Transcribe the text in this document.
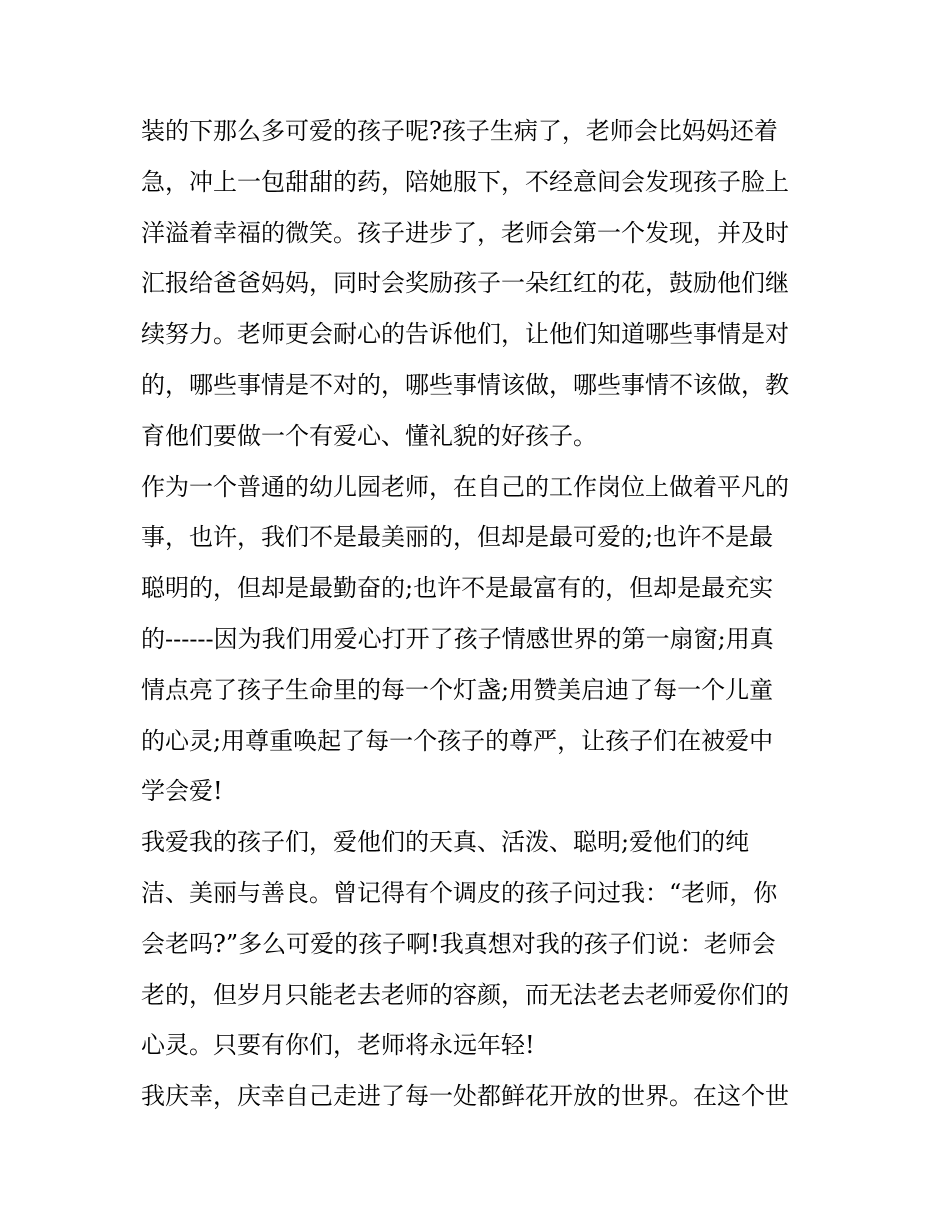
装的下那么多可爱的孩子呢?孩子生病了，老师会比妈妈还着
急，冲上一包甜甜的药，陪她服下，不经意间会发现孩子脸上
洋溢着幸福的微笑。孩子进步了，老师会第一个发现，并及时
汇报给爸爸妈妈，同时会奖励孩子一朵红红的花，鼓励他们继
续努力。老师更会耐心的告诉他们，让他们知道哪些事情是对
的，哪些事情是不对的，哪些事情该做，哪些事情不该做，教
育他们要做一个有爱心、懂礼貌的好孩子。
作为一个普通的幼儿园老师，在自己的工作岗位上做着平凡的
事，也许，我们不是最美丽的，但却是最可爱的;也许不是最
聪明的，但却是最勤奋的;也许不是最富有的，但却是最充实
的------因为我们用爱心打开了孩子情感世界的第一扇窗;用真
情点亮了孩子生命里的每一个灯盏;用赞美启迪了每一个儿童
的心灵;用尊重唤起了每一个孩子的尊严，让孩子们在被爱中
学会爱!
我爱我的孩子们，爱他们的天真、活泼、聪明;爱他们的纯
洁、美丽与善良。曾记得有个调皮的孩子问过我：“老师，你
会老吗?”多么可爱的孩子啊!我真想对我的孩子们说：老师会
老的，但岁月只能老去老师的容颜，而无法老去老师爱你们的
心灵。只要有你们，老师将永远年轻!
我庆幸，庆幸自己走进了每一处都鲜花开放的世界。在这个世
